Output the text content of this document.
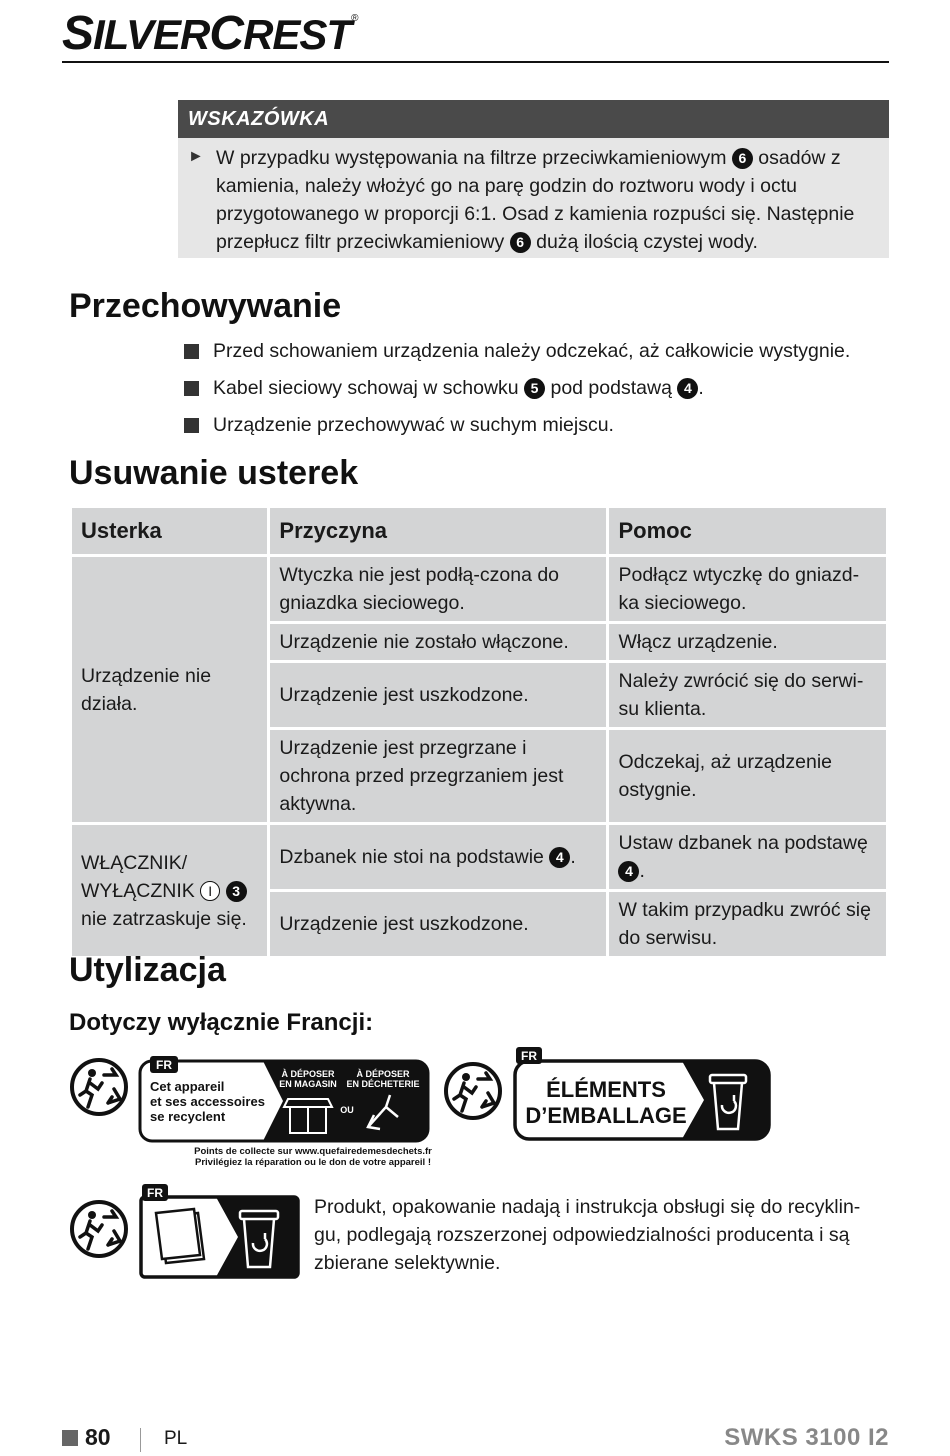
SILVERCREST®
WSKAZÓWKA
► W przypadku występowania na filtrze przeciwkamieniowym 6 osadów z kamienia, należy włożyć go na parę godzin do roztworu wody i octu przygotowanego w proporcji 6:1. Osad z kamienia rozpuści się. Następnie przepłucz filtr przeciwkamieniowy 6 dużą ilością czystej wody.
Przechowywanie
Przed schowaniem urządzenia należy odczekać, aż całkowicie wystygnie.
Kabel sieciowy schowaj w schowku 5 pod podstawą 4 .
Urządzenie przechowywać w suchym miejscu.
Usuwanie usterek
Usterka	Przyczyna	Pomoc
Urządzenie nie działa.	Wtyczka nie jest podłą-czona do gniazdka sieciowego.	Podłącz wtyczkę do gniazd-ka sieciowego.
	Urządzenie nie zostało włączone.	Włącz urządzenie.
	Urządzenie jest uszkodzone.	Należy zwrócić się do serwi-su klienta.
	Urządzenie jest przegrzane i ochrona przed przegrzaniem jest aktywna.	Odczekaj, aż urządzenie ostygnie.
WŁĄCZNIK/
WYŁĄCZNIK I 3
nie zatrzaskuje się.	Dzbanek nie stoi na podstawie 4 .	Ustaw dzbanek na podstawę 4 .
	Urządzenie jest uszkodzone.	W takim przypadku zwróć się do serwisu.
Utylizacja
Dotyczy wyłącznie Francji:
FR
Cet appareil
et ses accessoires
se recyclent
À DÉPOSER
EN MAGASIN
À DÉPOSER
EN DÉCHETERIE
OU
Points de collecte sur www.quefairedemesdechets.fr
Privilégiez la réparation ou le don de votre appareil !
FR
ÉLÉMENTS
D’EMBALLAGE
FR
Produkt, opakowanie nadają i instrukcja obsługi się do recyklin-gu, podlegają rozszerzonej odpowiedzialności producenta i są zbierane selektywnie.
80	PL	SWKS 3100 I2
